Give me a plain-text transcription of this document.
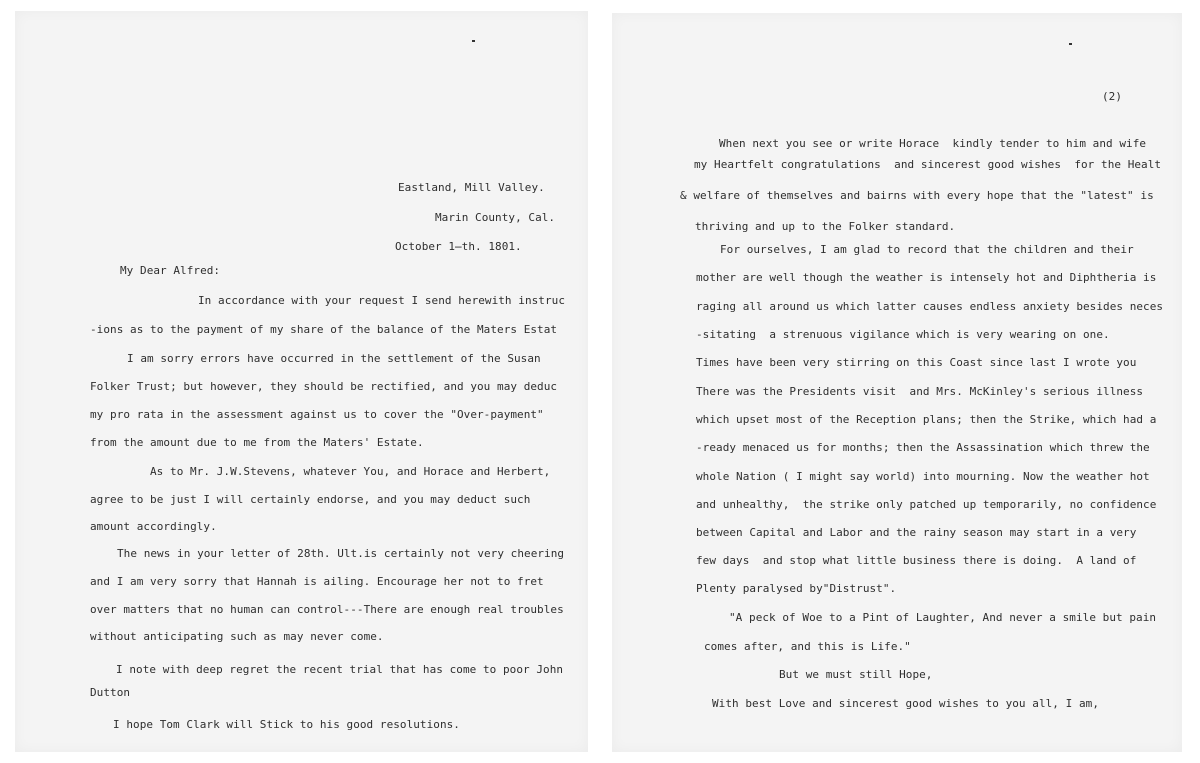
Eastland, Mill Valley.
Marin County, Cal.
October 1̶th. 1801.
My Dear Alfred:
In accordance with your request I send herewith instruc
-ions as to the payment of my share of the balance of the Maters Estat
I am sorry errors have occurred in the settlement of the Susan
Folker Trust; but however, they should be rectified, and you may deduc
my pro rata in the assessment against us to cover the "Over-payment"
from the amount due to me from the Maters' Estate.
As to Mr. J.W.Stevens, whatever You, and Horace and Herbert,
agree to be just I will certainly endorse, and you may deduct such
amount accordingly.
The news in your letter of 28th. Ult.is certainly not very cheering
and I am very sorry that Hannah is ailing. Encourage her not to fret
over matters that no human can control---There are enough real troubles
without anticipating such as may never come.
I note with deep regret the recent trial that has come to poor John
Dutton
I hope Tom Clark will Stick to his good resolutions.
(2)
When next you see or write Horace  kindly tender to him and wife
my Heartfelt congratulations  and sincerest good wishes  for the Healt
& welfare of themselves and bairns with every hope that the "latest" is
thriving and up to the Folker standard.
For ourselves, I am glad to record that the children and their
mother are well though the weather is intensely hot and Diphtheria is
raging all around us which latter causes endless anxiety besides neces
-sitating  a strenuous vigilance which is very wearing on one.
Times have been very stirring on this Coast since last I wrote you
There was the Presidents visit  and Mrs. McKinley's serious illness
which upset most of the Reception plans; then the Strike, which had a
-ready menaced us for months; then the Assassination which threw the
whole Nation ( I might say world) into mourning. Now the weather hot
and unhealthy,  the strike only patched up temporarily, no confidence
between Capital and Labor and the rainy season may start in a very
few days  and stop what little business there is doing.  A land of
Plenty paralysed by"Distrust".
"A peck of Woe to a Pint of Laughter, And never a smile but pain
comes after, and this is Life."
But we must still Hope,
With best Love and sincerest good wishes to you all, I am,
